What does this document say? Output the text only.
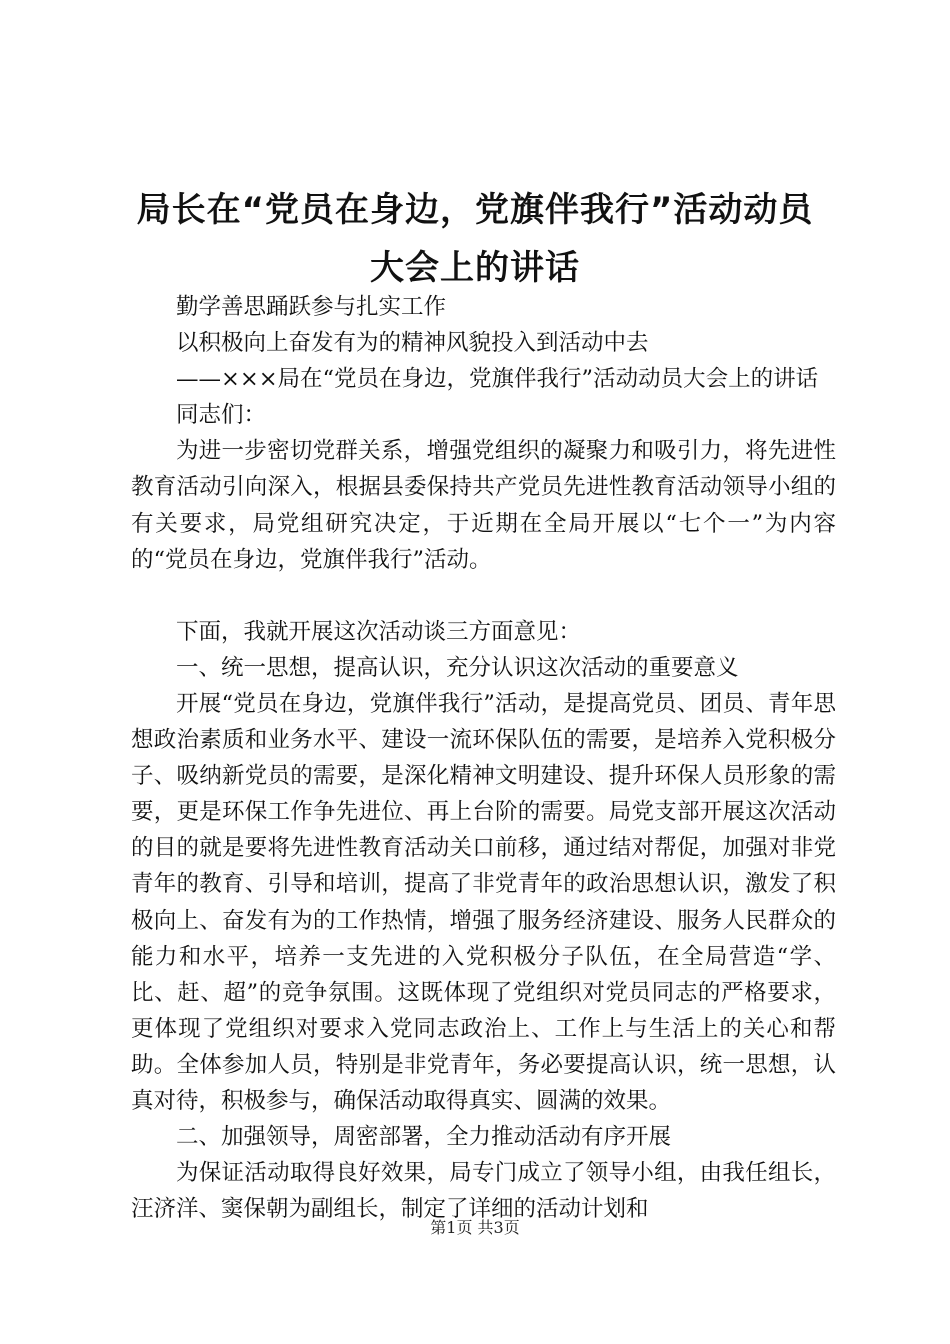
局长在“党员在身边，党旗伴我行”活动动员
大会上的讲话

勤学善思踊跃参与扎实工作

以积极向上奋发有为的精神风貌投入到活动中去

——×××局在“党员在身边，党旗伴我行”活动动员大会上的讲话

同志们：

为进一步密切党群关系，增强党组织的凝聚力和吸引力，将先进性教育活动引向深入，根据县委保持共产党员先进性教育活动领导小组的有关要求，局党组研究决定，于近期在全局开展以“七个一”为内容的“党员在身边，党旗伴我行”活动。

下面，我就开展这次活动谈三方面意见：

一、统一思想，提高认识，充分认识这次活动的重要意义

开展“党员在身边，党旗伴我行”活动，是提高党员、团员、青年思想政治素质和业务水平、建设一流环保队伍的需要，是培养入党积极分子、吸纳新党员的需要，是深化精神文明建设、提升环保人员形象的需要，更是环保工作争先进位、再上台阶的需要。局党支部开展这次活动的目的就是要将先进性教育活动关口前移，通过结对帮促，加强对非党青年的教育、引导和培训，提高了非党青年的政治思想认识，激发了积极向上、奋发有为的工作热情，增强了服务经济建设、服务人民群众的能力和水平，培养一支先进的入党积极分子队伍，在全局营造“学、比、赶、超”的竞争氛围。这既体现了党组织对党员同志的严格要求，更体现了党组织对要求入党同志政治上、工作上与生活上的关心和帮助。全体参加人员，特别是非党青年，务必要提高认识，统一思想，认真对待，积极参与，确保活动取得真实、圆满的效果。

二、加强领导，周密部署，全力推动活动有序开展

为保证活动取得良好效果，局专门成立了领导小组，由我任组长，汪济洋、窦保朝为副组长，制定了详细的活动计划和

第1页 共3页
